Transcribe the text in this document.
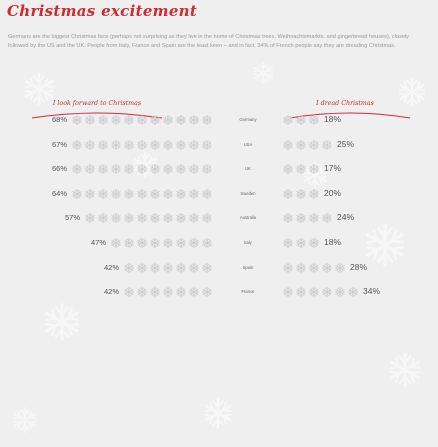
Christmas excitement
Germans are the biggest Christmas fans (perhaps not surprising as they live in the home of Christmas trees, Weihnachtsmarkts, and gingerbread houses), closely followed by the US and the UK. People from Italy, France and Spain are the least keen – and in fact, 34% of French people say they are dreading Christmas.
I look forward to Christmas	I dread Christmas
68%	Germany	18%
67%	USA	25%
66%	UK	17%
64%	Sweden	20%
57%	Australia	24%
47%	Italy	18%
42%	Spain	28%
42%	France	34%
